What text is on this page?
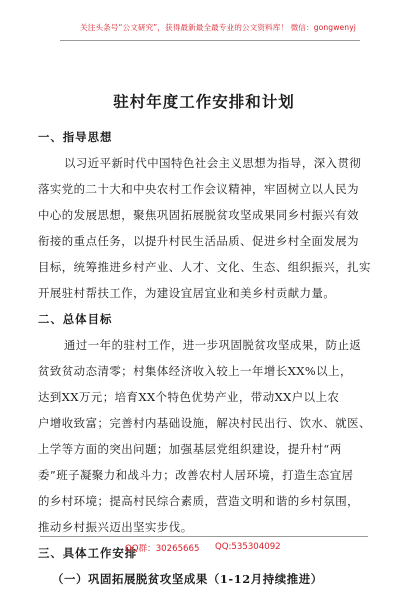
关注头条号“公文研究”，获得最新最全最专业的公文资料库！ 微信：gongwenyj
驻村年度工作安排和计划
一、指导思想
以习近平新时代中国特色社会主义思想为指导，深入贯彻
落实党的二十大和中央农村工作会议精神，牢固树立以人民为
中心的发展思想，聚焦巩固拓展脱贫攻坚成果同乡村振兴有效
衔接的重点任务，以提升村民生活品质、促进乡村全面发展为
目标，统筹推进乡村产业、人才、文化、生态、组织振兴，扎实
开展驻村帮扶工作，为建设宜居宜业和美乡村贡献力量。
二、总体目标
通过一年的驻村工作，进一步巩固脱贫攻坚成果，防止返
贫致贫动态清零；村集体经济收入较上一年增长XX%以上，
达到XX万元；培育XX个特色优势产业，带动XX户以上农
户增收致富；完善村内基础设施，解决村民出行、饮水、就医、
上学等方面的突出问题；加强基层党组织建设，提升村“两
委”班子凝聚力和战斗力；改善农村人居环境，打造生态宜居
的乡村环境；提高村民综合素质，营造文明和谐的乡村氛围，
推动乡村振兴迈出坚实步伐。
三、具体工作安排
（一）巩固拓展脱贫攻坚成果（1-12月持续推进）
QQ群：30265665 QQ:535304092
